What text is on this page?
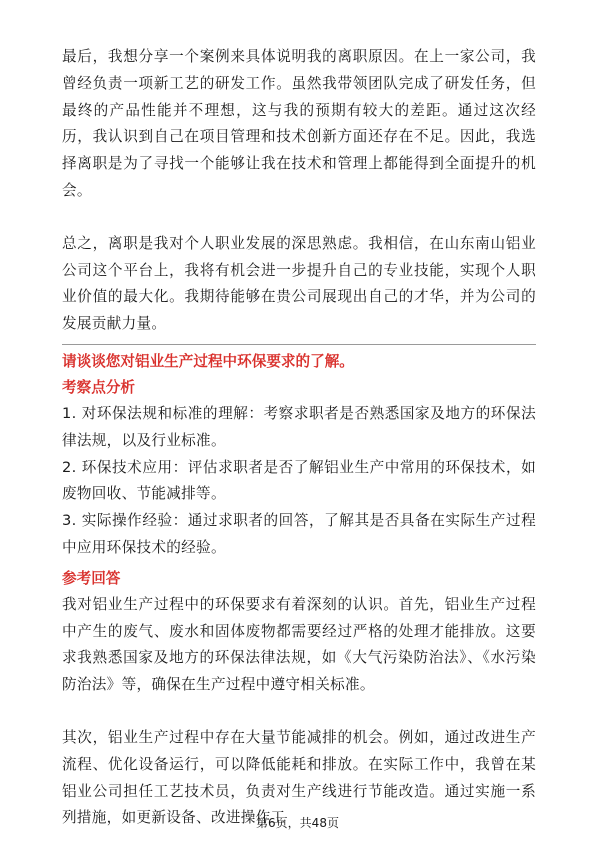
最后，我想分享一个案例来具体说明我的离职原因。在上一家公司，我曾经负责一项新工艺的研发工作。虽然我带领团队完成了研发任务，但最终的产品性能并不理想，这与我的预期有较大的差距。通过这次经历，我认识到自己在项目管理和技术创新方面还存在不足。因此，我选择离职是为了寻找一个能够让我在技术和管理上都能得到全面提升的机会。

总之，离职是我对个人职业发展的深思熟虑。我相信，在山东南山铝业公司这个平台上，我将有机会进一步提升自己的专业技能，实现个人职业价值的最大化。我期待能够在贵公司展现出自己的才华，并为公司的发展贡献力量。

请谈谈您对铝业生产过程中环保要求的了解。

考察点分析

1. 对环保法规和标准的理解：考察求职者是否熟悉国家及地方的环保法律法规，以及行业标准。
2. 环保技术应用：评估求职者是否了解铝业生产中常用的环保技术，如废物回收、节能减排等。
3. 实际操作经验：通过求职者的回答，了解其是否具备在实际生产过程中应用环保技术的经验。

参考回答

我对铝业生产过程中的环保要求有着深刻的认识。首先，铝业生产过程中产生的废气、废水和固体废物都需要经过严格的处理才能排放。这要求我熟悉国家及地方的环保法律法规，如《大气污染防治法》、《水污染防治法》等，确保在生产过程中遵守相关标准。

其次，铝业生产过程中存在大量节能减排的机会。例如，通过改进生产流程、优化设备运行，可以降低能耗和排放。在实际工作中，我曾在某铝业公司担任工艺技术员，负责对生产线进行节能改造。通过实施一系列措施，如更新设备、改进操作工

第6页，共48页
